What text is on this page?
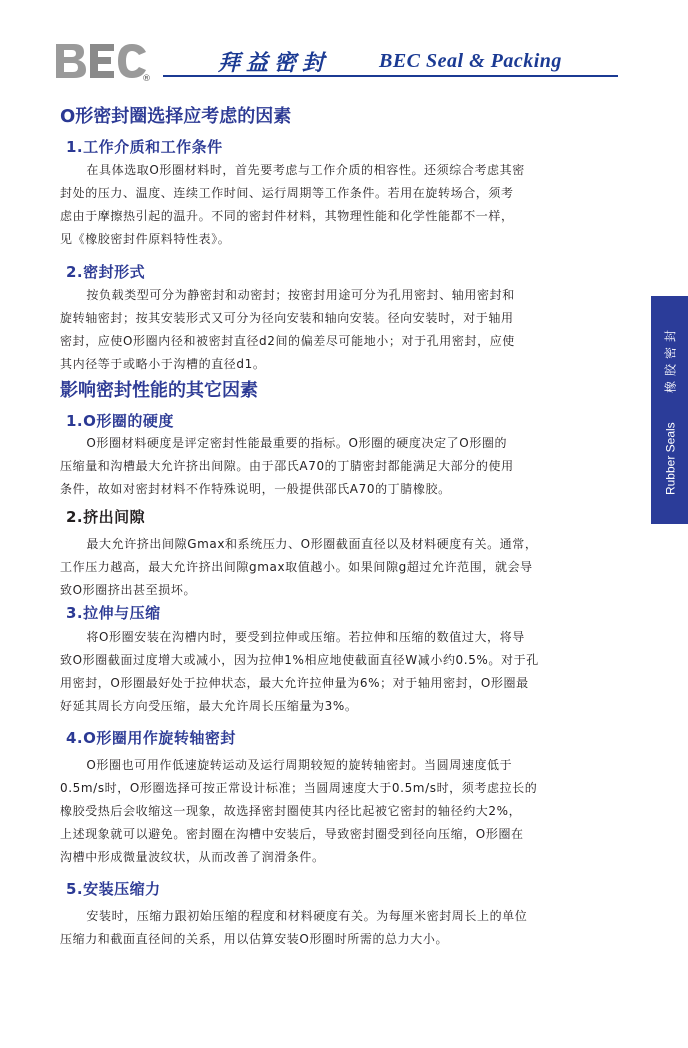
®
拜益密封 BEC Seal & Packing
Rubber Seals 橡胶密封
O形密封圈选择应考虑的因素
1.工作介质和工作条件

在具体选取O形圈材料时，首先要考虑与工作介质的相容性。还须综合考虑其密
封处的压力、温度、连续工作时间、运行周期等工作条件。若用在旋转场合，须考
虑由于摩擦热引起的温升。不同的密封件材料，其物理性能和化学性能都不一样，
见《橡胶密封件原料特性表》。

2.密封形式

按负载类型可分为静密封和动密封；按密封用途可分为孔用密封、轴用密封和
旋转轴密封；按其安装形式又可分为径向安装和轴向安装。径向安装时，对于轴用
密封，应使O形圈内径和被密封直径d2间的偏差尽可能地小；对于孔用密封，应使
其内径等于或略小于沟槽的直径d1。

影响密封性能的其它因素
1.O形圈的硬度

O形圈材料硬度是评定密封性能最重要的指标。O形圈的硬度决定了O形圈的
压缩量和沟槽最大允许挤出间隙。由于邵氏A70的丁腈密封都能满足大部分的使用
条件，故如对密封材料不作特殊说明，一般提供邵氏A70的丁腈橡胶。

2.挤出间隙

最大允许挤出间隙Gmax和系统压力、O形圈截面直径以及材料硬度有关。通常，
工作压力越高，最大允许挤出间隙gmax取值越小。如果间隙g超过允许范围，就会导
致O形圈挤出甚至损坏。

3.拉伸与压缩

将O形圈安装在沟槽内时，要受到拉伸或压缩。若拉伸和压缩的数值过大，将导
致O形圈截面过度增大或减小，因为拉伸1%相应地使截面直径W减小约0.5%。对于孔
用密封，O形圈最好处于拉伸状态，最大允许拉伸量为6%；对于轴用密封，O形圈最
好延其周长方向受压缩，最大允许周长压缩量为3%。

4.O形圈用作旋转轴密封

O形圈也可用作低速旋转运动及运行周期较短的旋转轴密封。当圆周速度低于
0.5m/s时，O形圈选择可按正常设计标准；当圆周速度大于0.5m/s时，须考虑拉长的
橡胶受热后会收缩这一现象，故选择密封圈使其内径比起被它密封的轴径约大2%，
上述现象就可以避免。密封圈在沟槽中安装后，导致密封圈受到径向压缩，O形圈在
沟槽中形成微量波纹状，从而改善了润滑条件。

5.安装压缩力

安装时，压缩力跟初始压缩的程度和材料硬度有关。为每厘米密封周长上的单位
压缩力和截面直径间的关系，用以估算安装O形圈时所需的总力大小。
